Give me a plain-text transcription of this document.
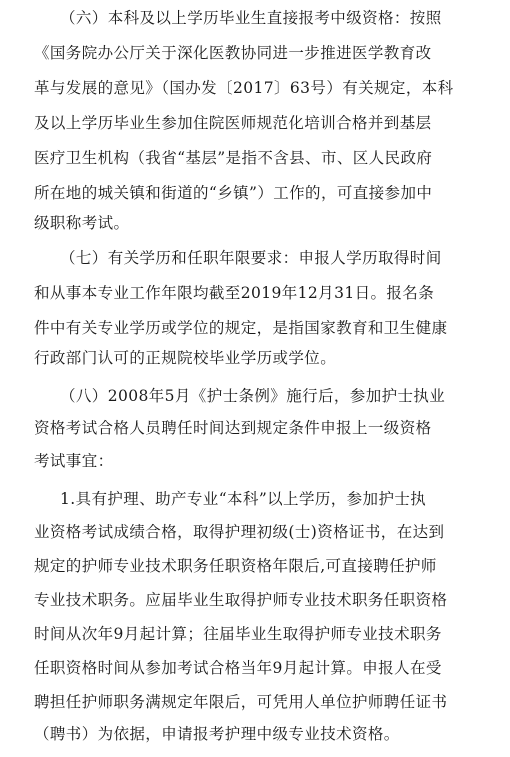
（六）本科及以上学历毕业生直接报考中级资格：按照
《国务院办公厅关于深化医教协同进一步推进医学教育改
革与发展的意见》（国办发〔2017〕63号）有关规定，本科
及以上学历毕业生参加住院医师规范化培训合格并到基层
医疗卫生机构（我省“基层”是指不含县、市、区人民政府
所在地的城关镇和街道的“乡镇”）工作的，可直接参加中
级职称考试。
（七）有关学历和任职年限要求：申报人学历取得时间
和从事本专业工作年限均截至2019年12月31日。报名条
件中有关专业学历或学位的规定，是指国家教育和卫生健康
行政部门认可的正规院校毕业学历或学位。
（八）2008年5月《护士条例》施行后，参加护士执业
资格考试合格人员聘任时间达到规定条件申报上一级资格
考试事宜：
1.具有护理、助产专业“本科”以上学历，参加护士执
业资格考试成绩合格，取得护理初级(士)资格证书，在达到
规定的护师专业技术职务任职资格年限后,可直接聘任护师
专业技术职务。应届毕业生取得护师专业技术职务任职资格
时间从次年9月起计算；往届毕业生取得护师专业技术职务
任职资格时间从参加考试合格当年9月起计算。申报人在受
聘担任护师职务满规定年限后，可凭用人单位护师聘任证书
（聘书）为依据，申请报考护理中级专业技术资格。
